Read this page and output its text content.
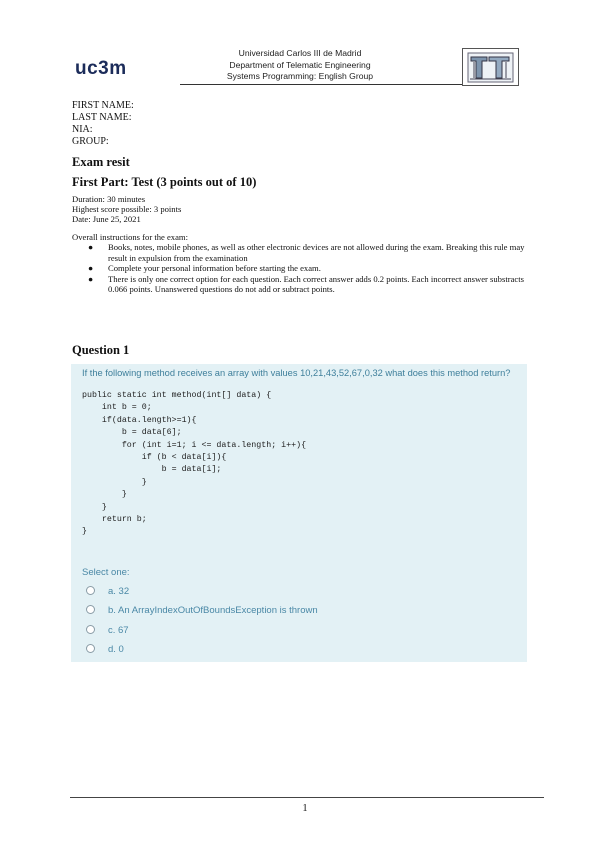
uc3m
Universidad Carlos III de Madrid
Department of Telematic Engineering
Systems Programming: English Group
FIRST NAME:
LAST NAME:
NIA:
GROUP:
Exam resit
First Part: Test (3 points out of 10)
Duration: 30 minutes
Highest score possible: 3 points
Date: June 25, 2021
Overall instructions for the exam:
● Books, notes, mobile phones, as well as other electronic devices are not allowed during the exam. Breaking this rule may result in expulsion from the examination
● Complete your personal information before starting the exam.
● There is only one correct option for each question. Each correct answer adds 0.2 points. Each incorrect answer substracts 0.066 points. Unanswered questions do not add or subtract points.
Question 1
If the following method receives an array with values 10,21,43,52,67,0,32 what does this method return?
public static int method(int[] data) {
int b = 0;
if(data.length>=1){
b = data[6];
for (int i=1; i <= data.length; i++){
if (b < data[i]){
b = data[i];
}
}
}
return b;
}
Select one:
a. 32
b. An ArrayIndexOutOfBoundsException is thrown
c. 67
d. 0
1
